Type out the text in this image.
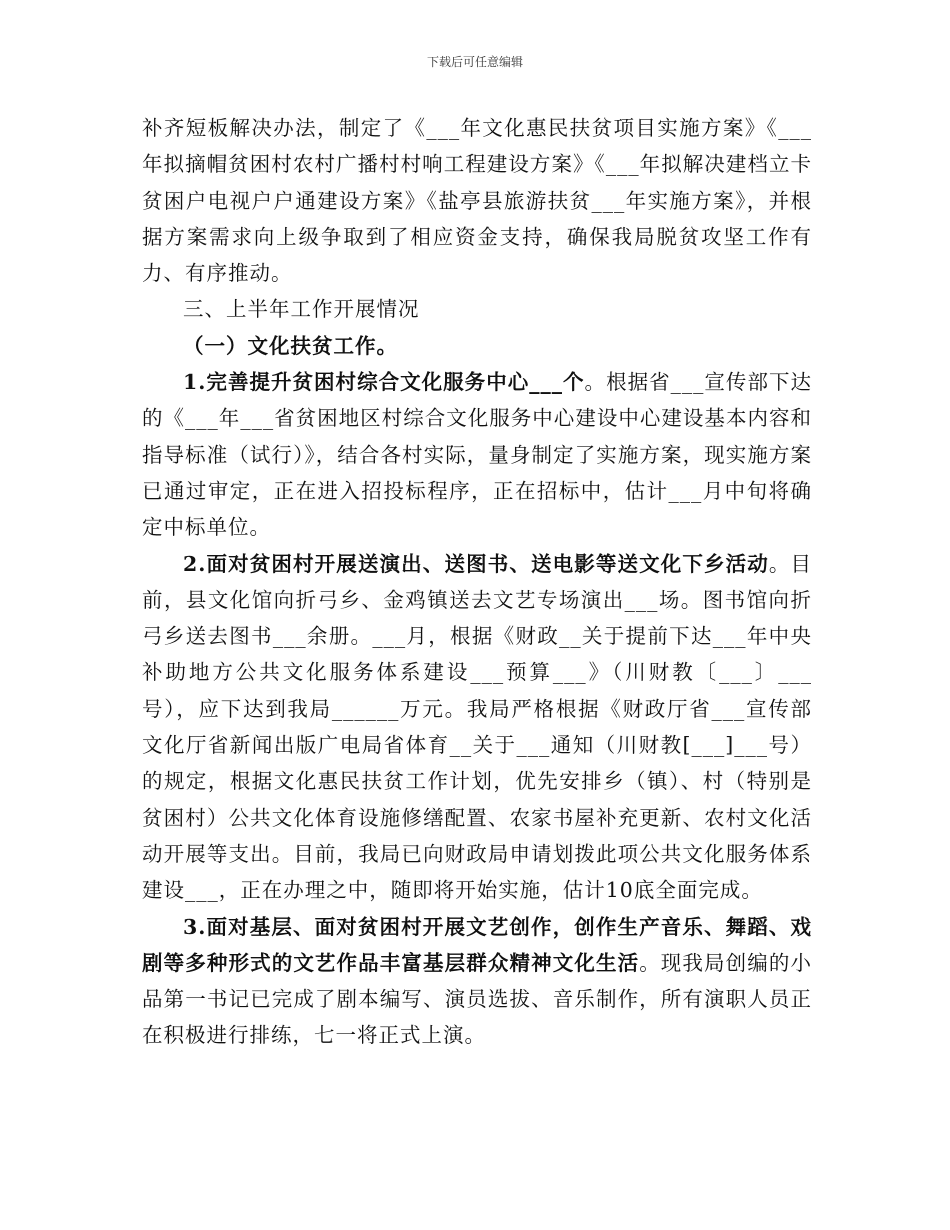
下载后可任意编辑

补齐短板解决办法，制定了《___年文化惠民扶贫项目实施方案》《___年拟摘帽贫困村农村广播村村响工程建设方案》《___年拟解决建档立卡贫困户电视户户通建设方案》《盐亭县旅游扶贫___年实施方案》，并根据方案需求向上级争取到了相应资金支持，确保我局脱贫攻坚工作有力、有序推动。

三、上半年工作开展情况

（一）文化扶贫工作。

1.完善提升贫困村综合文化服务中心___个。根据省___宣传部下达的《___年___省贫困地区村综合文化服务中心建设中心建设基本内容和指导标准（试行）》，结合各村实际，量身制定了实施方案，现实施方案已通过审定，正在进入招投标程序，正在招标中，估计___月中旬将确定中标单位。

2.面对贫困村开展送演出、送图书、送电影等送文化下乡活动。目前，县文化馆向折弓乡、金鸡镇送去文艺专场演出___场。图书馆向折弓乡送去图书___余册。___月，根据《财政__关于提前下达___年中央补助地方公共文化服务体系建设___预算___》（川财教〔___〕___号），应下达到我局______万元。我局严格根据《财政厅省___宣传部文化厅省新闻出版广电局省体育__关于___通知（川财教[___]___号）的规定，根据文化惠民扶贫工作计划，优先安排乡（镇）、村（特别是贫困村）公共文化体育设施修缮配置、农家书屋补充更新、农村文化活动开展等支出。目前，我局已向财政局申请划拨此项公共文化服务体系建设___，正在办理之中，随即将开始实施，估计10底全面完成。

3.面对基层、面对贫困村开展文艺创作，创作生产音乐、舞蹈、戏剧等多种形式的文艺作品丰富基层群众精神文化生活。现我局创编的小品第一书记已完成了剧本编写、演员选拔、音乐制作，所有演职人员正在积极进行排练，七一将正式上演。
